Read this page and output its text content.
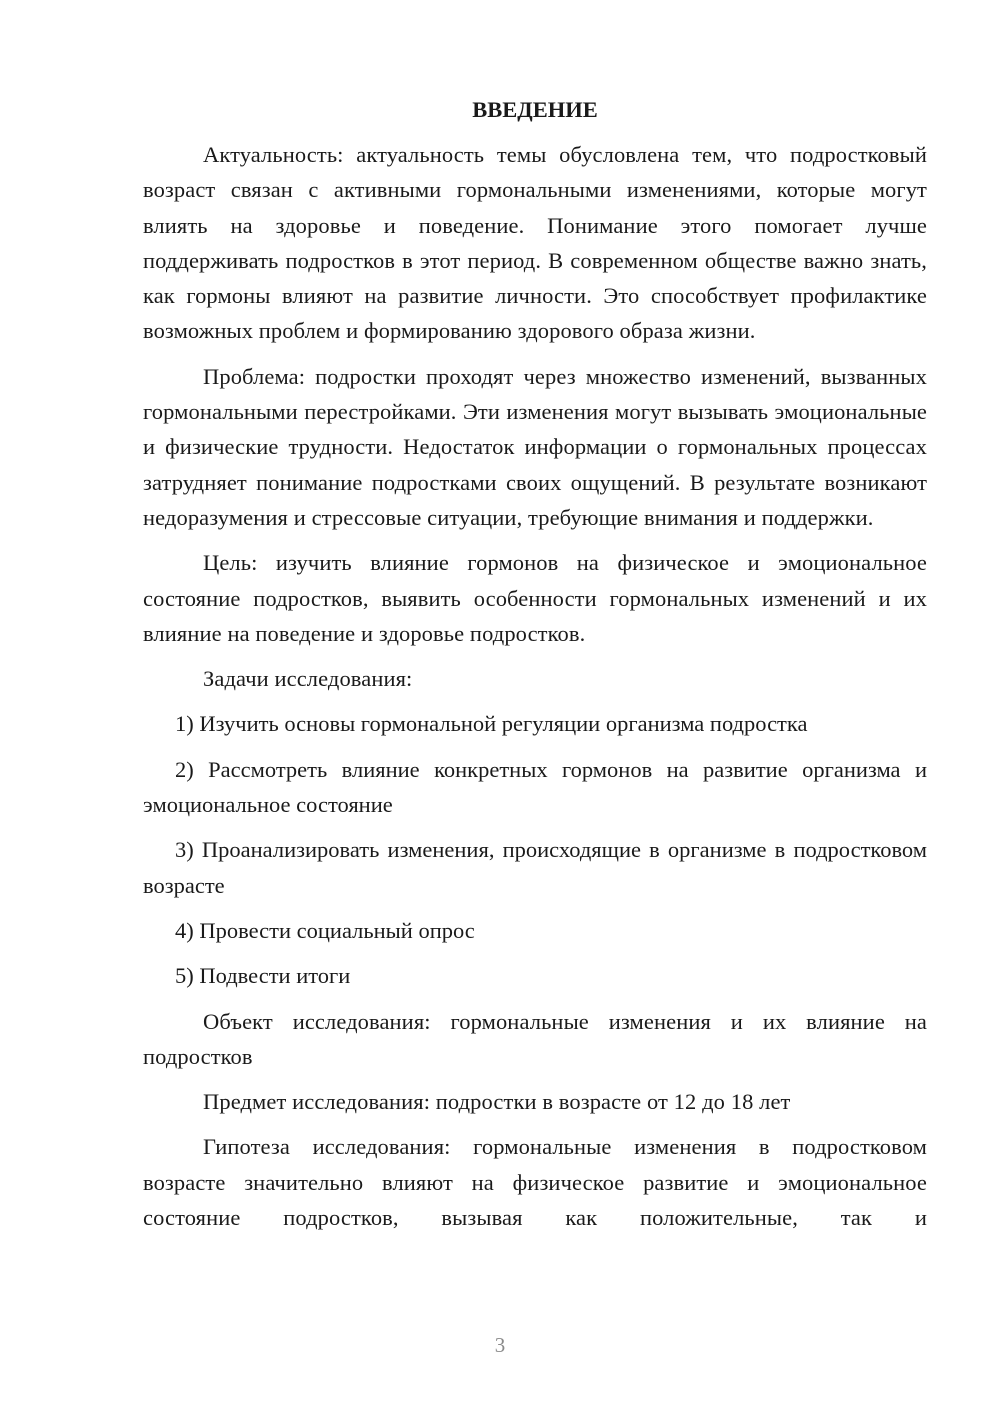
ВВЕДЕНИЕ

Актуальность: актуальность темы обусловлена тем, что подростковый возраст связан с активными гормональными изменениями, которые могут влиять на здоровье и поведение. Понимание этого помогает лучше поддерживать подростков в этот период. В современном обществе важно знать, как гормоны влияют на развитие личности. Это способствует профилактике возможных проблем и формированию здорового образа жизни.

Проблема: подростки проходят через множество изменений, вызванных гормональными перестройками. Эти изменения могут вызывать эмоциональные и физические трудности. Недостаток информации о гормональных процессах затрудняет понимание подростками своих ощущений. В результате возникают недоразумения и стрессовые ситуации, требующие внимания и поддержки.

Цель: изучить влияние гормонов на физическое и эмоциональное состояние подростков, выявить особенности гормональных изменений и их влияние на поведение и здоровье подростков.

Задачи исследования:

1) Изучить основы гормональной регуляции организма подростка

2) Рассмотреть влияние конкретных гормонов на развитие организма и эмоциональное состояние

3) Проанализировать изменения, происходящие в организме в подростковом возрасте

4) Провести социальный опрос

5) Подвести итоги

Объект исследования: гормональные изменения и их влияние на подростков

Предмет исследования: подростки в возрасте от 12 до 18 лет

Гипотеза исследования: гормональные изменения в подростковом возрасте значительно влияют на физическое развитие и эмоциональное состояние подростков, вызывая как положительные, так и

3
